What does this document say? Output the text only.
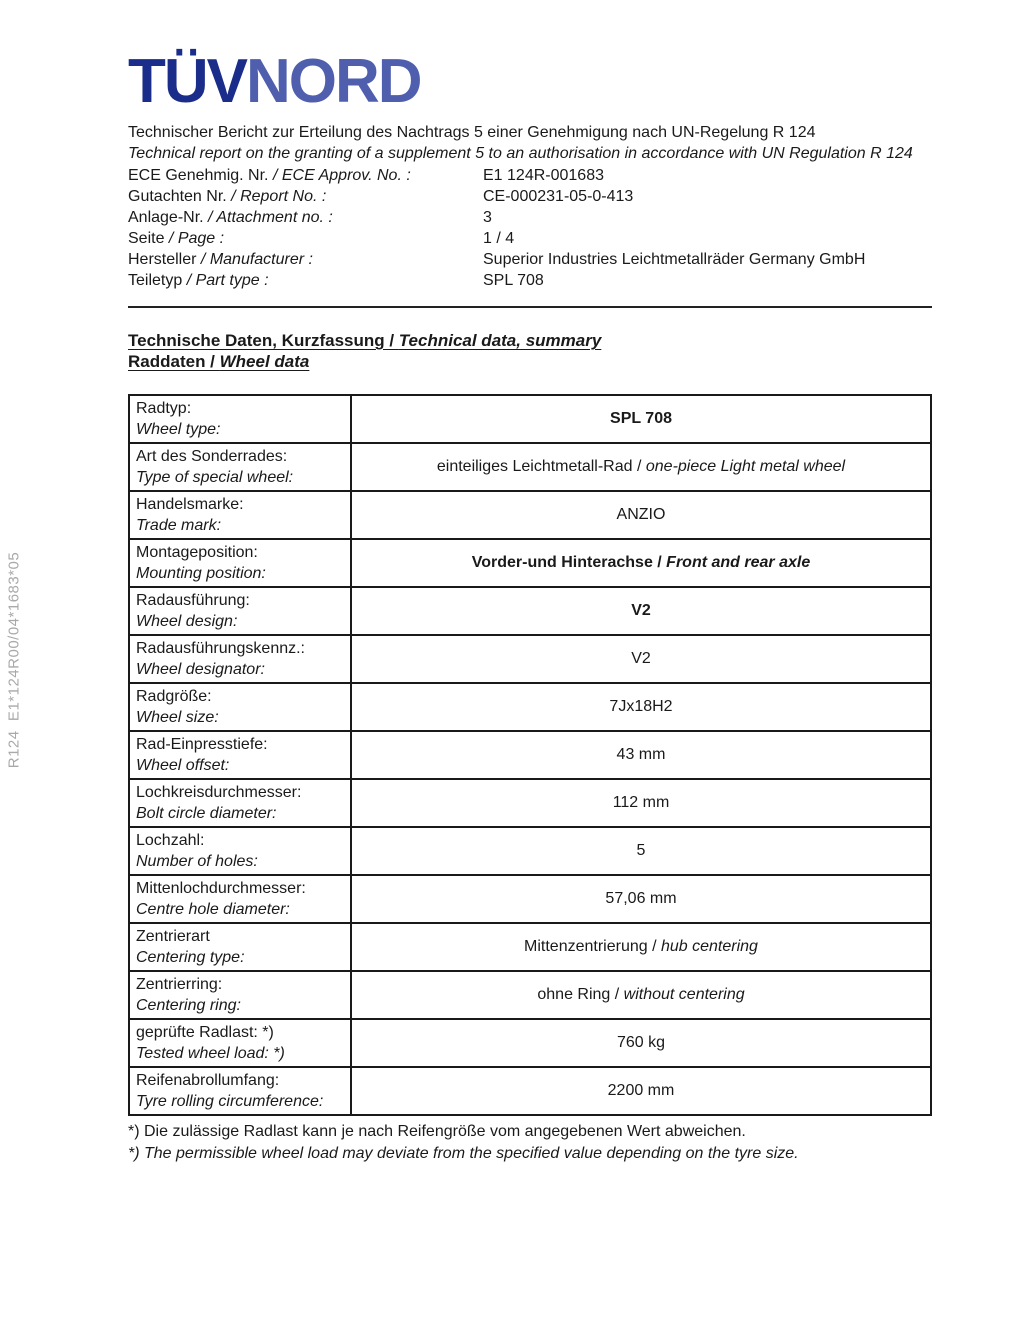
R124  E1*124R00/04*1683*05
TÜVNORD
Technischer Bericht zur Erteilung des Nachtrags 5 einer Genehmigung nach UN-Regelung R 124
Technical report on the granting of a supplement 5 to an authorisation in accordance with UN Regulation R 124
ECE Genehmig. Nr. / ECE Approv. No. :	E1 124R-001683
Gutachten Nr. / Report No. :	CE-000231-05-0-413
Anlage-Nr. / Attachment no. :	3
Seite / Page :	1 / 4
Hersteller / Manufacturer :	Superior Industries Leichtmetallräder Germany GmbH
Teiletyp / Part type :	SPL 708
Technische Daten, Kurzfassung / Technical data, summary
Raddaten / Wheel data
Radtyp:
Wheel type:	SPL 708

Art des Sonderrades:
Type of special wheel:	einteiliges Leichtmetall-Rad / one-piece Light metal wheel

Handelsmarke:
Trade mark:	ANZIO

Montageposition:
Mounting position:	Vorder-und Hinterachse / Front and rear axle

Radausführung:
Wheel design:	V2

Radausführungskennz.:
Wheel designator:	V2

Radgröße:
Wheel size:	7Jx18H2

Rad-Einpresstiefe:
Wheel offset:	43 mm

Lochkreisdurchmesser:
Bolt circle diameter:	112 mm

Lochzahl:
Number of holes:	5

Mittenlochdurchmesser:
Centre hole diameter:	57,06 mm

Zentrierart
Centering type:	Mittenzentrierung / hub centering

Zentrierring:
Centering ring:	ohne Ring / without centering

geprüfte Radlast: *)
Tested wheel load: *)	760 kg

Reifenabrollumfang:
Tyre rolling circumference:	2200 mm
*) Die zulässige Radlast kann je nach Reifengröße vom angegebenen Wert abweichen.
*) The permissible wheel load may deviate from the specified value depending on the tyre size.
